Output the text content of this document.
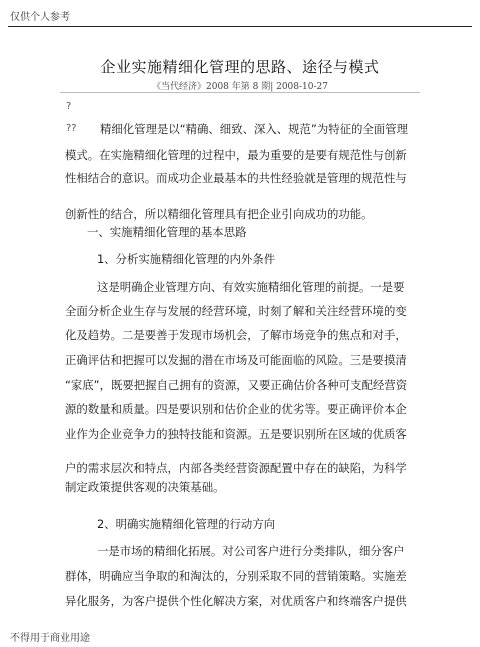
仅供个人参考
企业实施精细化管理的思路、途径与模式
《当代经济》2008 年第 8 期| 2008-10-27
?
?? 精细化管理是以“精确、细致、深入、规范”为特征的全面管理
模式。在实施精细化管理的过程中，最为重要的是要有规范性与创新
性相结合的意识。而成功企业最基本的共性经验就是管理的规范性与
创新性的结合，所以精细化管理具有把企业引向成功的功能。
一、实施精细化管理的基本思路
1、分析实施精细化管理的内外条件
这是明确企业管理方向、有效实施精细化管理的前提。一是要
全面分析企业生存与发展的经营环境，时刻了解和关注经营环境的变
化及趋势。二是要善于发现市场机会，了解市场竞争的焦点和对手，
正确评估和把握可以发掘的潜在市场及可能面临的风险。三是要摸清
“家底”，既要把握自己拥有的资源，又要正确估价各种可支配经营资
源的数量和质量。四是要识别和估价企业的优劣等。要正确评价本企
业作为企业竞争力的独特技能和资源。五是要识别所在区域的优质客
户的需求层次和特点，内部各类经营资源配置中存在的缺陷，为科学
制定政策提供客观的决策基础。
2、明确实施精细化管理的行动方向
一是市场的精细化拓展。对公司客户进行分类排队，细分客户
群体，明确应当争取的和淘汰的，分别采取不同的营销策略。实施差
异化服务，为客户提供个性化解决方案，对优质客户和终端客户提供
不得用于商业用途
